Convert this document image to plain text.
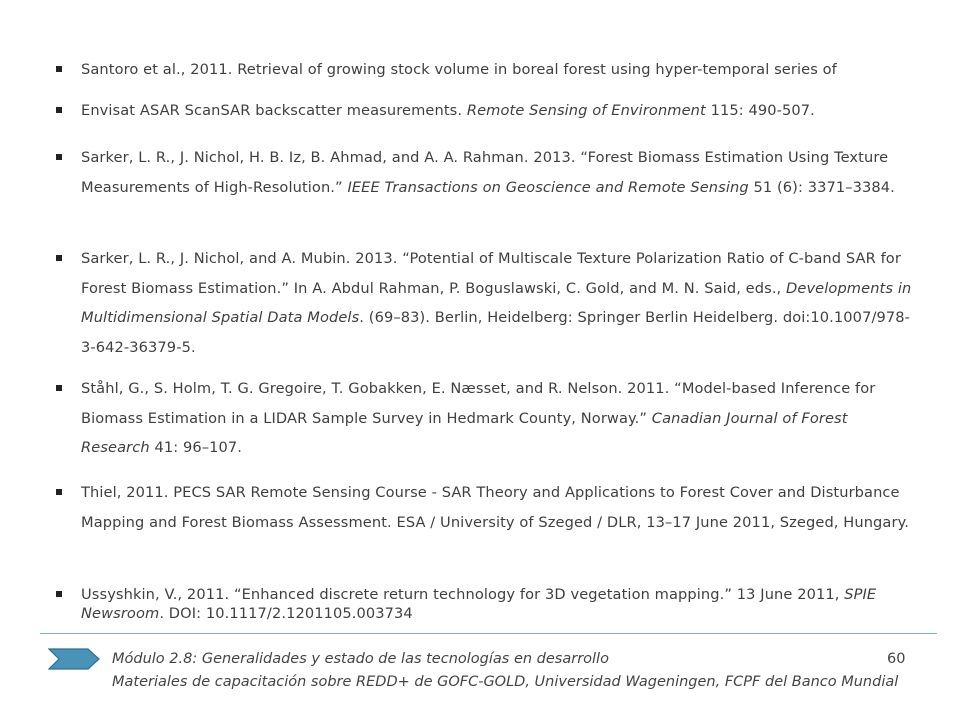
Santoro et al., 2011. Retrieval of growing stock volume in boreal forest using hyper-temporal series of
Envisat ASAR ScanSAR backscatter measurements. Remote Sensing of Environment 115: 490-507.
Sarker, L. R., J. Nichol, H. B. Iz, B. Ahmad, and A. A. Rahman. 2013. “Forest Biomass Estimation Using Texture Measurements of High-Resolution.” IEEE Transactions on Geoscience and Remote Sensing 51 (6): 3371–3384.
Sarker, L. R., J. Nichol, and A. Mubin. 2013. “Potential of Multiscale Texture Polarization Ratio of C-band SAR for Forest Biomass Estimation.” In A. Abdul Rahman, P. Boguslawski, C. Gold, and M. N. Said, eds., Developments in Multidimensional Spatial Data Models. (69–83). Berlin, Heidelberg: Springer Berlin Heidelberg. doi:10.1007/978-3-642-36379-5.
Ståhl, G., S. Holm, T. G. Gregoire, T. Gobakken, E. Næsset, and R. Nelson. 2011. “Model-based Inference for Biomass Estimation in a LIDAR Sample Survey in Hedmark County, Norway.” Canadian Journal of Forest Research 41: 96–107.
Thiel, 2011. PECS SAR Remote Sensing Course - SAR Theory and Applications to Forest Cover and Disturbance Mapping and Forest Biomass Assessment. ESA / University of Szeged / DLR, 13–17 June 2011, Szeged, Hungary.
Ussyshkin, V., 2011. “Enhanced discrete return technology for 3D vegetation mapping.” 13 June 2011, SPIE Newsroom. DOI: 10.1117/2.1201105.003734
Módulo 2.8: Generalidades y estado de las tecnologías en desarrollo	60
Materiales de capacitación sobre REDD+ de GOFC-GOLD, Universidad Wageningen, FCPF del Banco Mundial
